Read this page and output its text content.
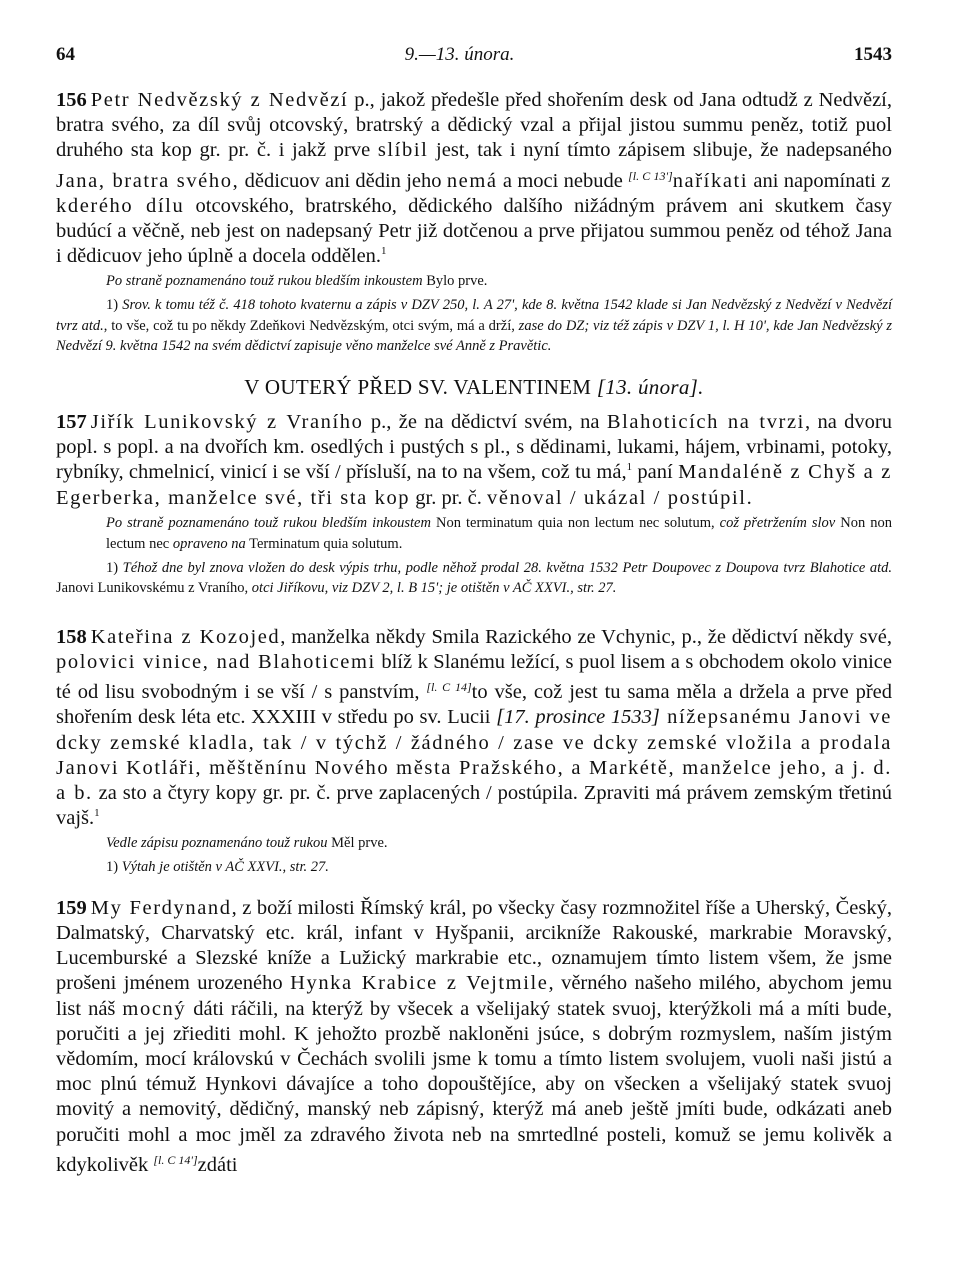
64	9.—13. února.	1543

156 Petr Nedvězský z Nedvězí p., jakož předešle před shořením desk od Jana odtudž z Nedvězí, bratra svého, za díl svůj otcovský, bratrský a dědický vzal a přijal jistou summu peněz, totiž puol druhého sta kop gr. pr. č. i jakž prve slíbil jest, tak i nyní tímto zápisem slibuje, že nadepsaného Jana, bratra svého, dědicuov ani dědin jeho nemá a moci nebude [l. C 13']naříkati ani napomínati z kderého dílu otcovského, bratrského, dědického dalšího nižádným právem ani skutkem časy budúcí a věčně, neb jest on nadepsaný Petr již dotčenou a prve přijatou summou peněz od téhož Jana i dědicuov jeho úplně a docela oddělen.$^1$

Po straně poznamenáno touž rukou bledším inkoustem Bylo prve.
1) Srov. k tomu též č. 418 tohoto kvaternu a zápis v DZV 250, l. A 27', kde 8. května 1542 klade si Jan Nedvězský z Nedvězí v Nedvězí tvrz atd., to vše, což tu po někdy Zdeňkovi Nedvězským, otci svým, má a drží, zase do DZ; viz též zápis v DZV 1, l. H 10', kde Jan Nedvězský z Nedvězí 9. května 1542 na svém dědictví zapisuje věno manželce své Anně z Pravětic.
V OUTERÝ PŘED SV. VALENTINEM [13. února].

157 Jiřík Lunikovský z Vraního p., že na dědictví svém, na Blahoticích na tvrzi, na dvoru popl. s popl. a na dvořích km. osedlých i pustých s pl., s dědinami, lukami, hájem, vrbinami, potoky, rybníky, chmelnicí, vinicí i se vší / přísluší, na to na všem, což tu má,$^1$ paní Mandaléně z Chyš a z Egerberka, manželce své, tři sta kop gr. pr. č. věnoval / ukázal / postúpil.

Po straně poznamenáno touž rukou bledším inkoustem Non terminatum quia non lectum nec solutum, což přetržením slov Non non lectum nec opraveno na Terminatum quia solutum.
1) Téhož dne byl znova vložen do desk výpis trhu, podle něhož prodal 28. května 1532 Petr Doupovec z Doupova tvrz Blahotice atd. Janovi Lunikovskému z Vraního, otci Jiříkovu, viz DZV 2, l. B 15'; je otištěn v AČ XXVI., str. 27.

158 Kateřina z Kozojed, manželka někdy Smila Razického ze Vchynic, p., že dědictví někdy své, polovici vinice, nad Blahoticemi blíž k Slanému ležící, s puol lisem a s obchodem okolo vinice té od lisu svobodným i se vší / s panstvím, [l. C 14]to vše, což jest tu sama měla a držela a prve před shořením desk léta etc. XXXIII v středu po sv. Lucii [17. prosince 1533] nížepsanému Janovi ve dcky zemské kladla, tak / v týchž / žádného / zase ve dcky zemské vložila a prodala Janovi Kotláři, měštěnínu Nového města Pražského, a Markétě, manželce jeho, a j. d. a b. za sto a čtyry kopy gr. pr. č. prve zaplacených / postúpila. Zpraviti má právem zemským třetinú vajš.$^1$

Vedle zápisu poznamenáno touž rukou Měl prve.
1) Výtah je otištěn v AČ XXVI., str. 27.

159 My Ferdynand, z boží milosti Římský král, po všecky časy rozmnožitel říše a Uherský, Český, Dalmatský, Charvatský etc. král, infant v Hyšpanii, arcikníže Rakouské, markrabie Moravský, Lucemburské a Slezské kníže a Lužický markrabie etc., oznamujem tímto listem všem, že jsme prošeni jménem urozeného Hynka Krabice z Vejtmile, věrného našeho milého, abychom jemu list náš mocný dáti ráčili, na kterýž by všecek a všelijaký statek svuoj, kterýžkoli má a míti bude, poručiti a jej zřiediti mohl. K jehožto prozbě nakloněni jsúce, s dobrým rozmyslem, naším jistým vědomím, mocí královskú v Čechách svolili jsme k tomu a tímto listem svolujem, vuoli naši jistú a moc plnú témuž Hynkovi dávajíce a toho dopouštějíce, aby on všecken a všelijaký statek svuoj movitý a nemovitý, dědičný, manský neb zápisný, kterýž má aneb ještě jmíti bude, odkázati aneb poručiti mohl a moc jměl za zdravého života neb na smrtedlné posteli, komuž se jemu kolivěk a kdykolivěk [l. C 14']zdáti
